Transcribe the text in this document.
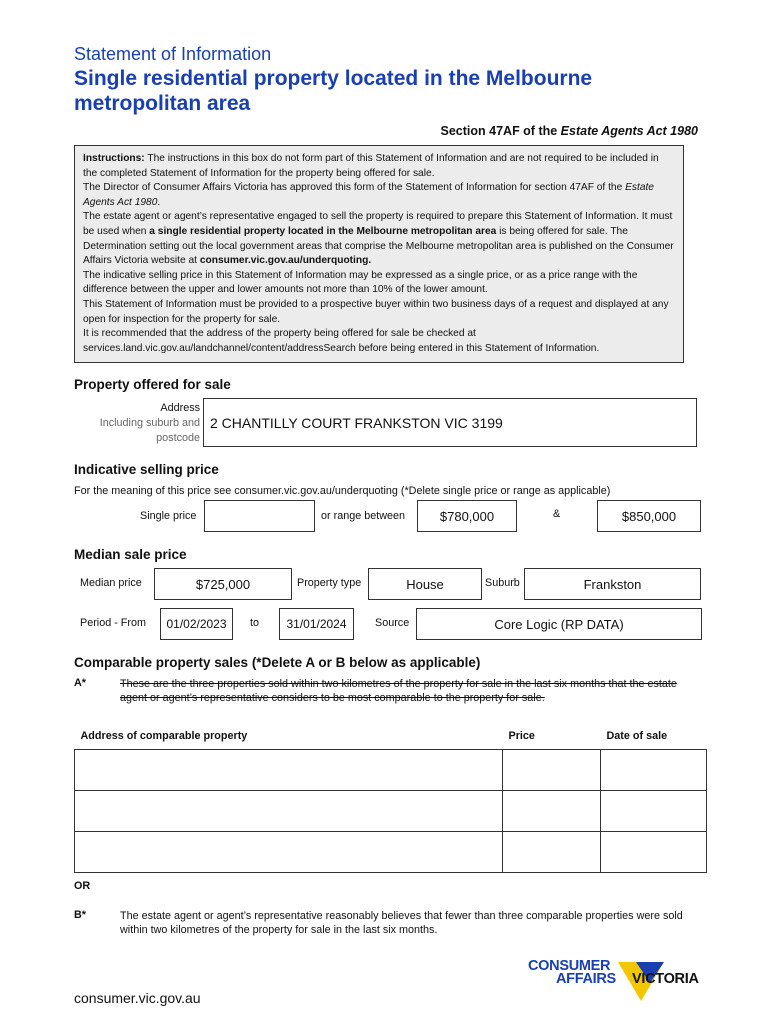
Statement of Information
Single residential property located in the Melbourne metropolitan area
Section 47AF of the Estate Agents Act 1980

Instructions: The instructions in this box do not form part of this Statement of Information and are not required to be included in the completed Statement of Information for the property being offered for sale.

The Director of Consumer Affairs Victoria has approved this form of the Statement of Information for section 47AF of the Estate Agents Act 1980.

The estate agent or agent’s representative engaged to sell the property is required to prepare this Statement of Information. It must be used when a single residential property located in the Melbourne metropolitan area is being offered for sale. The Determination setting out the local government areas that comprise the Melbourne metropolitan area is published on the Consumer Affairs Victoria website at consumer.vic.gov.au/underquoting.

The indicative selling price in this Statement of Information may be expressed as a single price, or as a price range with the difference between the upper and lower amounts not more than 10% of the lower amount.

This Statement of Information must be provided to a prospective buyer within two business days of a request and displayed at any open for inspection for the property for sale.

It is recommended that the address of the property being offered for sale be checked at services.land.vic.gov.au/landchannel/content/addressSearch before being entered in this Statement of Information.

Property offered for sale
Address
Including suburb and
postcode
2 CHANTILLY COURT FRANKSTON VIC 3199
Indicative selling price
For the meaning of this price see consumer.vic.gov.au/underquoting (*Delete single price or range as applicable)
Single price	or range between	$780,000	&	$850,000
Median sale price
Median price	$725,000	Property type	House	Suburb	Frankston
Period - From	01/02/2023	to	31/01/2024	Source	Core Logic (RP DATA)
Comparable property sales (*Delete A or B below as applicable)
A*	These are the three properties sold within two kilometres of the property for sale in the last six months that the estate agent or agent’s representative considers to be most comparable to the property for sale.
Address of comparable property	Price	Date of sale

OR
B*	The estate agent or agent’s representative reasonably believes that fewer than three comparable properties were sold within two kilometres of the property for sale in the last six months.
CONSUMER
AFFAIRS VICTORIA
consumer.vic.gov.au
